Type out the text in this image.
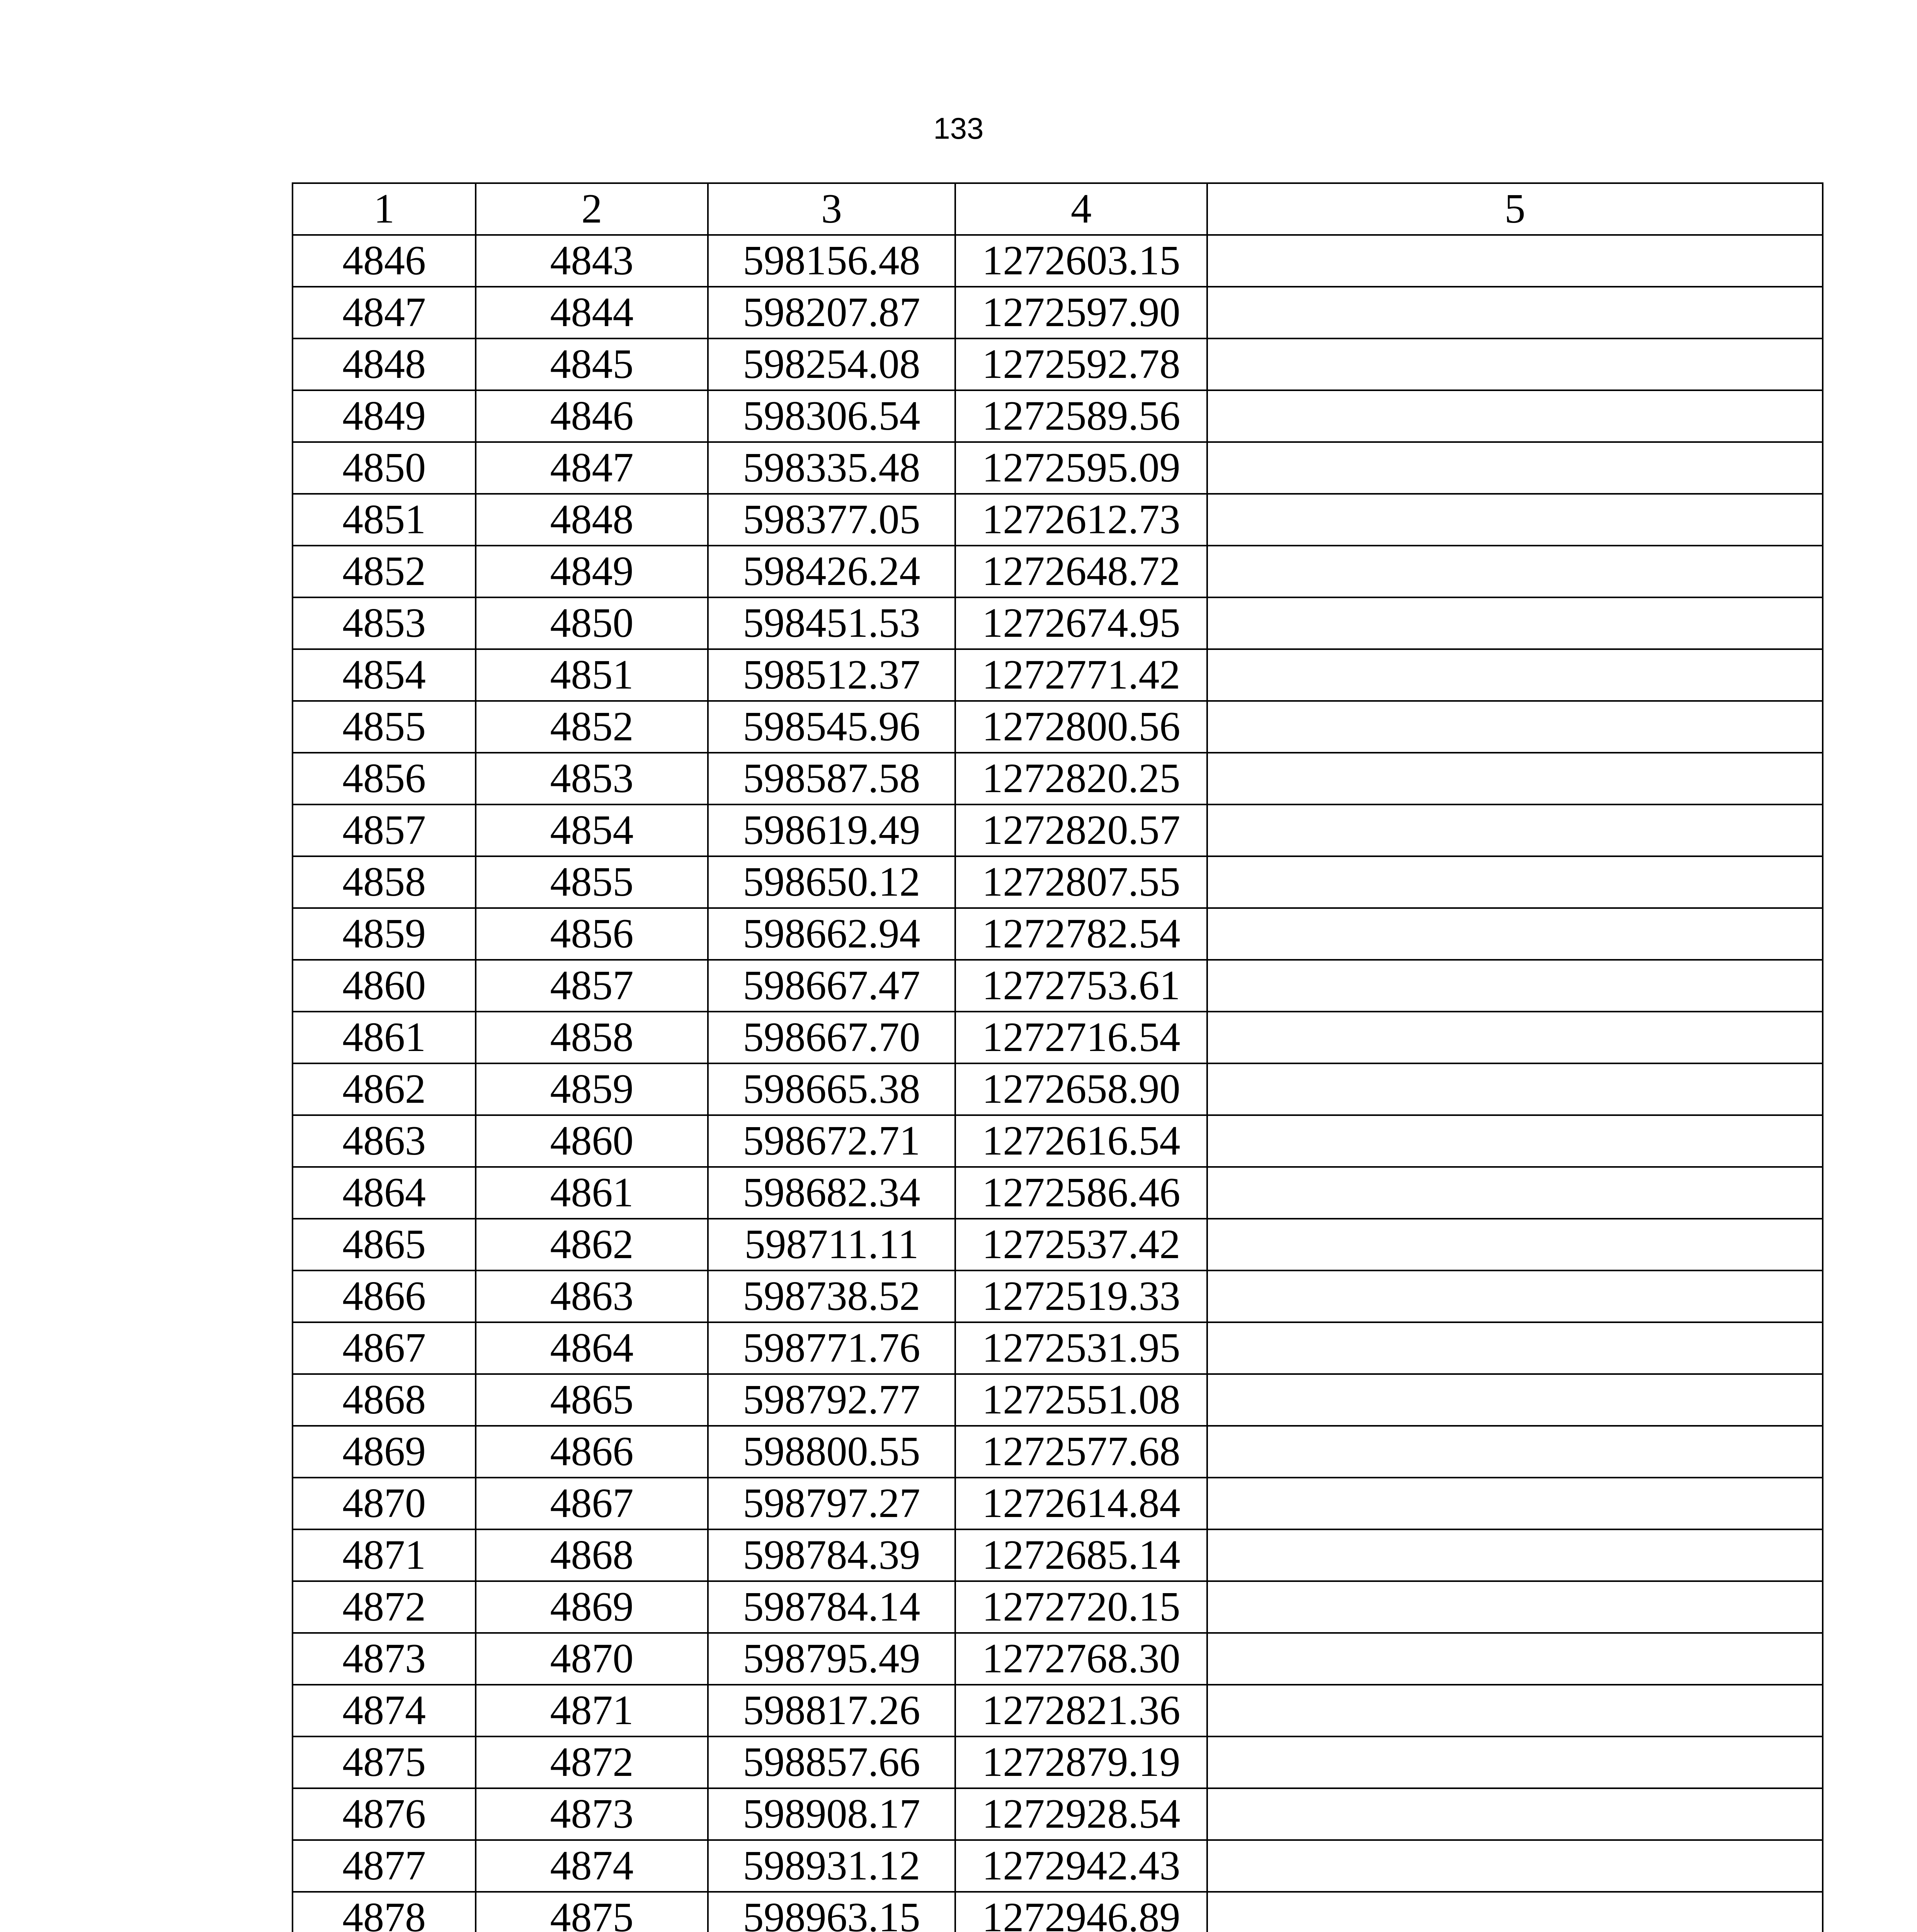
133
1	2	3	4	5
4846	4843	598156.48	1272603.15	
4847	4844	598207.87	1272597.90	
4848	4845	598254.08	1272592.78	
4849	4846	598306.54	1272589.56	
4850	4847	598335.48	1272595.09	
4851	4848	598377.05	1272612.73	
4852	4849	598426.24	1272648.72	
4853	4850	598451.53	1272674.95	
4854	4851	598512.37	1272771.42	
4855	4852	598545.96	1272800.56	
4856	4853	598587.58	1272820.25	
4857	4854	598619.49	1272820.57	
4858	4855	598650.12	1272807.55	
4859	4856	598662.94	1272782.54	
4860	4857	598667.47	1272753.61	
4861	4858	598667.70	1272716.54	
4862	4859	598665.38	1272658.90	
4863	4860	598672.71	1272616.54	
4864	4861	598682.34	1272586.46	
4865	4862	598711.11	1272537.42	
4866	4863	598738.52	1272519.33	
4867	4864	598771.76	1272531.95	
4868	4865	598792.77	1272551.08	
4869	4866	598800.55	1272577.68	
4870	4867	598797.27	1272614.84	
4871	4868	598784.39	1272685.14	
4872	4869	598784.14	1272720.15	
4873	4870	598795.49	1272768.30	
4874	4871	598817.26	1272821.36	
4875	4872	598857.66	1272879.19	
4876	4873	598908.17	1272928.54	
4877	4874	598931.12	1272942.43	
4878	4875	598963.15	1272946.89	
